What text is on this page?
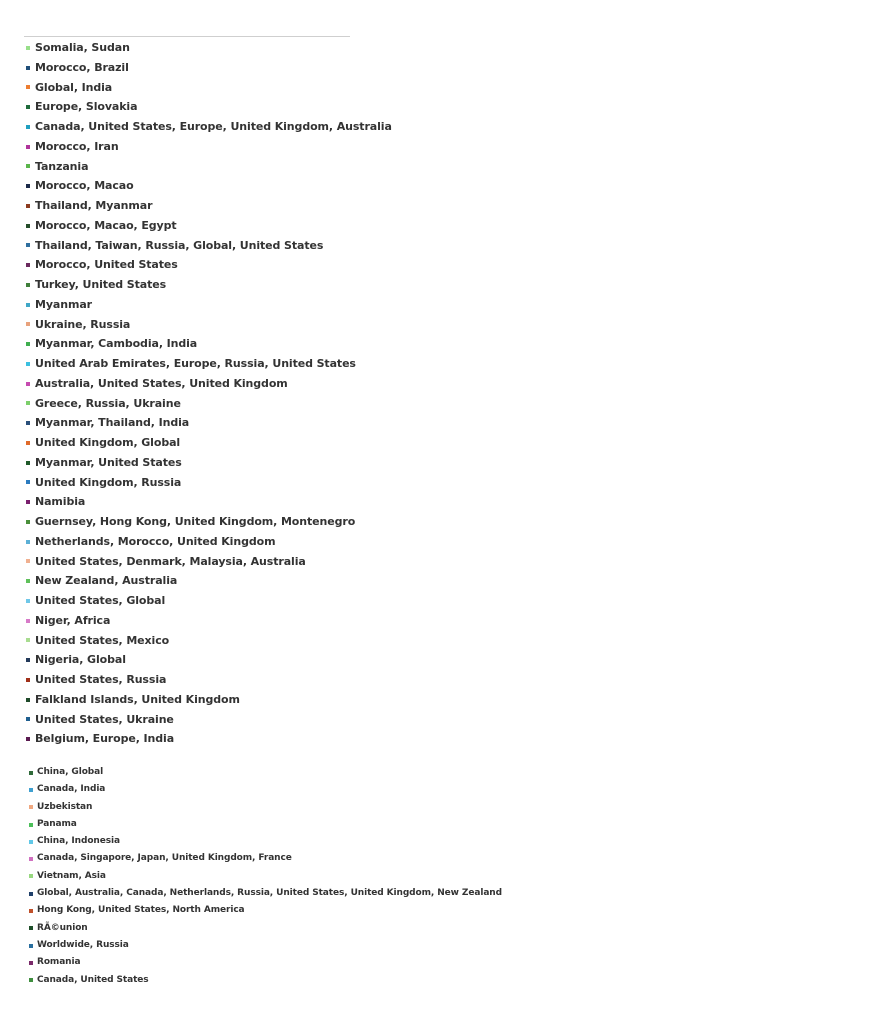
Somalia, Sudan
Morocco, Brazil
Global, India
Europe, Slovakia
Canada, United States, Europe, United Kingdom, Australia
Morocco, Iran
Tanzania
Morocco, Macao
Thailand, Myanmar
Morocco, Macao, Egypt
Thailand, Taiwan, Russia, Global, United States
Morocco, United States
Turkey, United States
Myanmar
Ukraine, Russia
Myanmar, Cambodia, India
United Arab Emirates, Europe, Russia, United States
Australia, United States, United Kingdom
Greece, Russia, Ukraine
Myanmar, Thailand, India
United Kingdom, Global
Myanmar, United States
United Kingdom, Russia
Namibia
Guernsey, Hong Kong, United Kingdom, Montenegro
Netherlands, Morocco, United Kingdom
United States, Denmark, Malaysia, Australia
New Zealand, Australia
United States, Global
Niger, Africa
United States, Mexico
Nigeria, Global
United States, Russia
Falkland Islands, United Kingdom
United States, Ukraine
Belgium, Europe, India
China, Global
Canada, India
Uzbekistan
Panama
China, Indonesia
Canada, Singapore, Japan, United Kingdom, France
Vietnam, Asia
Global, Australia, Canada, Netherlands, Russia, United States, United Kingdom, New Zealand
Hong Kong, United States, North America
RÃ©union
Worldwide, Russia
Romania
Canada, United States
